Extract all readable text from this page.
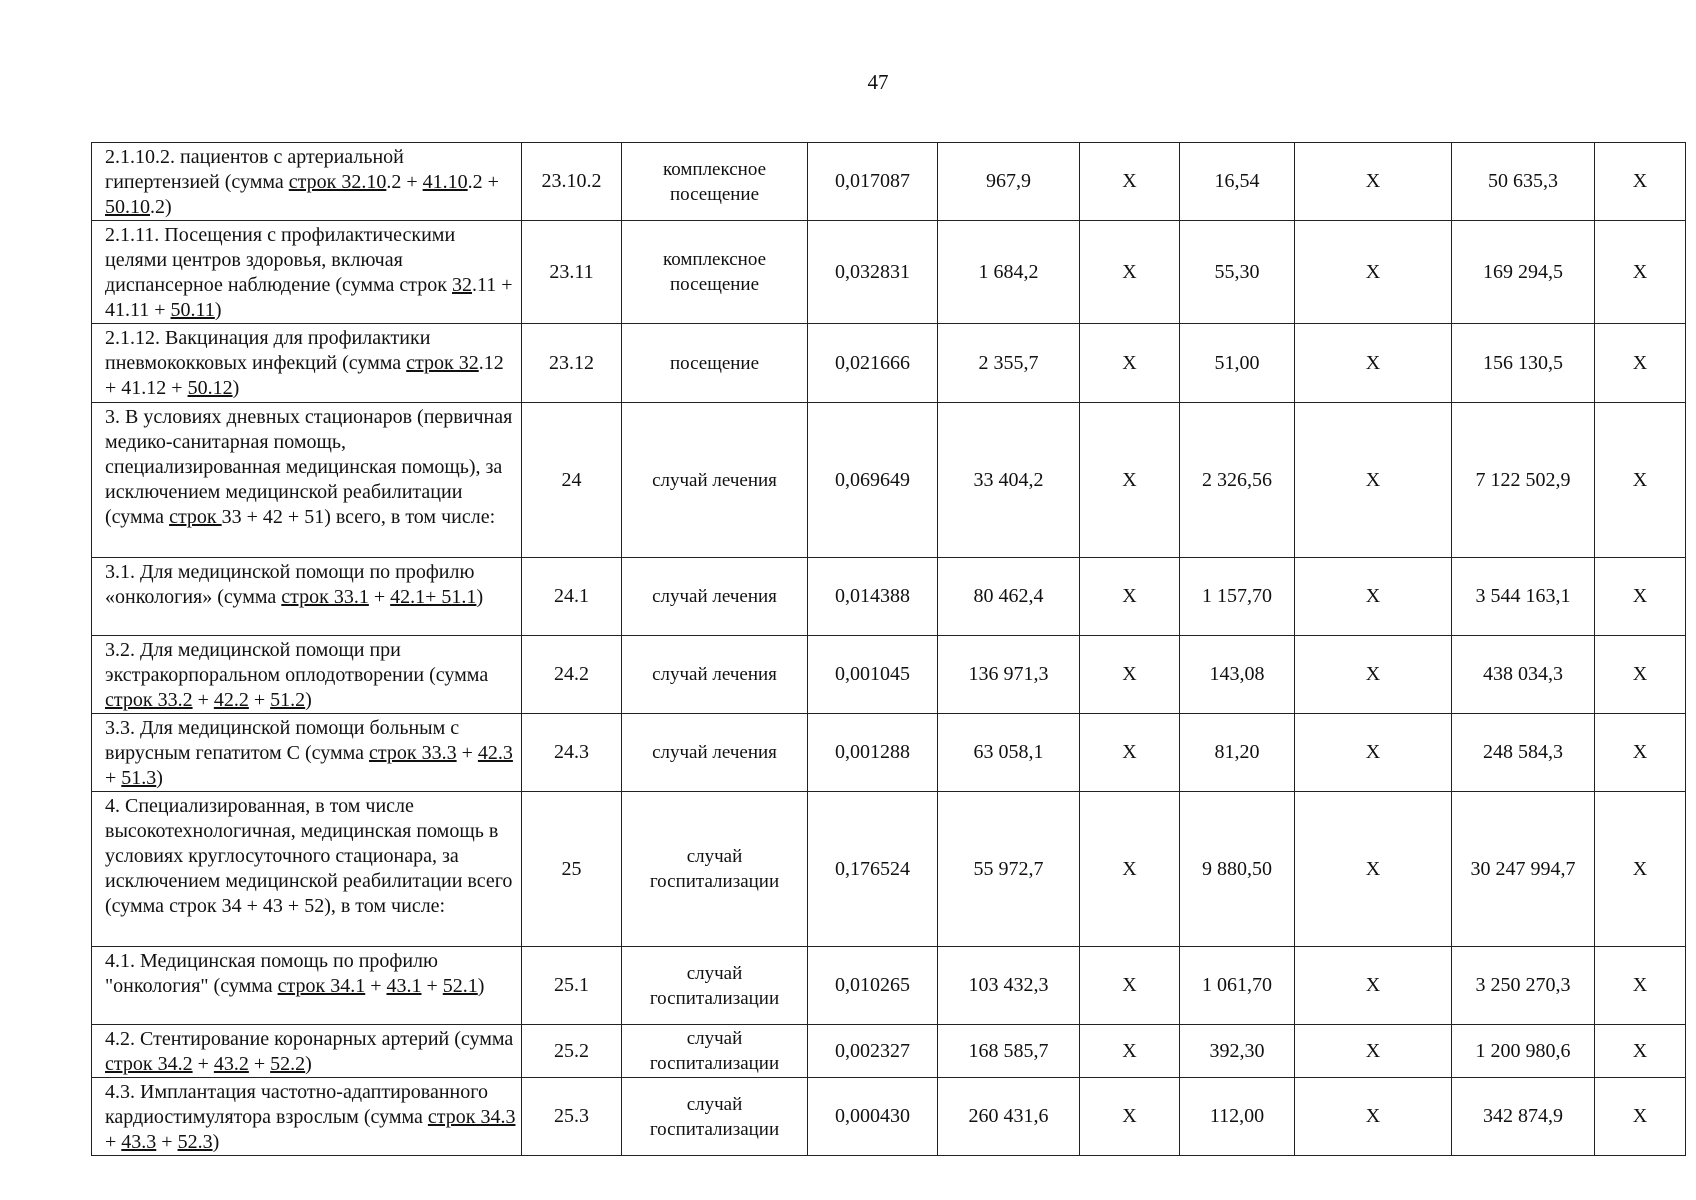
47
2.1.10.2. пациентов с артериальной гипертензией (сумма строк 32.10.2 + 41.10.2 + 50.10.2)	23.10.2	комплексное посещение	0,017087	967,9	Х	16,54	Х	50 635,3	Х
2.1.11. Посещения с профилактическими целями центров здоровья, включая диспансерное наблюдение (сумма строк 32.11 + 41.11 + 50.11)	23.11	комплексное посещение	0,032831	1 684,2	Х	55,30	Х	169 294,5	Х
2.1.12. Вакцинация для профилактики пневмококковых инфекций (сумма строк 32.12 + 41.12 + 50.12)	23.12	посещение	0,021666	2 355,7	Х	51,00	Х	156 130,5	Х
3. В условиях дневных стационаров (первичная медико-санитарная помощь, специализированная медицинская помощь), за исключением медицинской реабилитации (сумма строк 33 + 42 + 51) всего, в том числе:	24	случай лечения	0,069649	33 404,2	Х	2 326,56	Х	7 122 502,9	Х
3.1. Для медицинской помощи по профилю «онкология» (сумма строк 33.1 + 42.1+ 51.1)	24.1	случай лечения	0,014388	80 462,4	Х	1 157,70	Х	3 544 163,1	Х
3.2. Для медицинской помощи при экстракорпоральном оплодотворении (сумма строк 33.2 + 42.2 + 51.2)	24.2	случай лечения	0,001045	136 971,3	Х	143,08	Х	438 034,3	Х
3.3. Для медицинской помощи больным с вирусным гепатитом С (сумма строк 33.3 + 42.3 + 51.3)	24.3	случай лечения	0,001288	63 058,1	Х	81,20	Х	248 584,3	Х
4. Специализированная, в том числе высокотехнологичная, медицинская помощь в условиях круглосуточного стационара, за исключением медицинской реабилитации всего (сумма строк 34 + 43 + 52), в том числе:	25	случай госпитализации	0,176524	55 972,7	Х	9 880,50	Х	30 247 994,7	Х
4.1. Медицинская помощь по профилю "онкология" (сумма строк 34.1 + 43.1 + 52.1)	25.1	случай госпитализации	0,010265	103 432,3	Х	1 061,70	Х	3 250 270,3	Х
4.2. Стентирование коронарных артерий (сумма строк 34.2 + 43.2 + 52.2)	25.2	случай госпитализации	0,002327	168 585,7	Х	392,30	Х	1 200 980,6	Х
4.3. Имплантация частотно-адаптированного кардиостимулятора взрослым (сумма строк 34.3 + 43.3 + 52.3)	25.3	случай госпитализации	0,000430	260 431,6	Х	112,00	Х	342 874,9	Х
